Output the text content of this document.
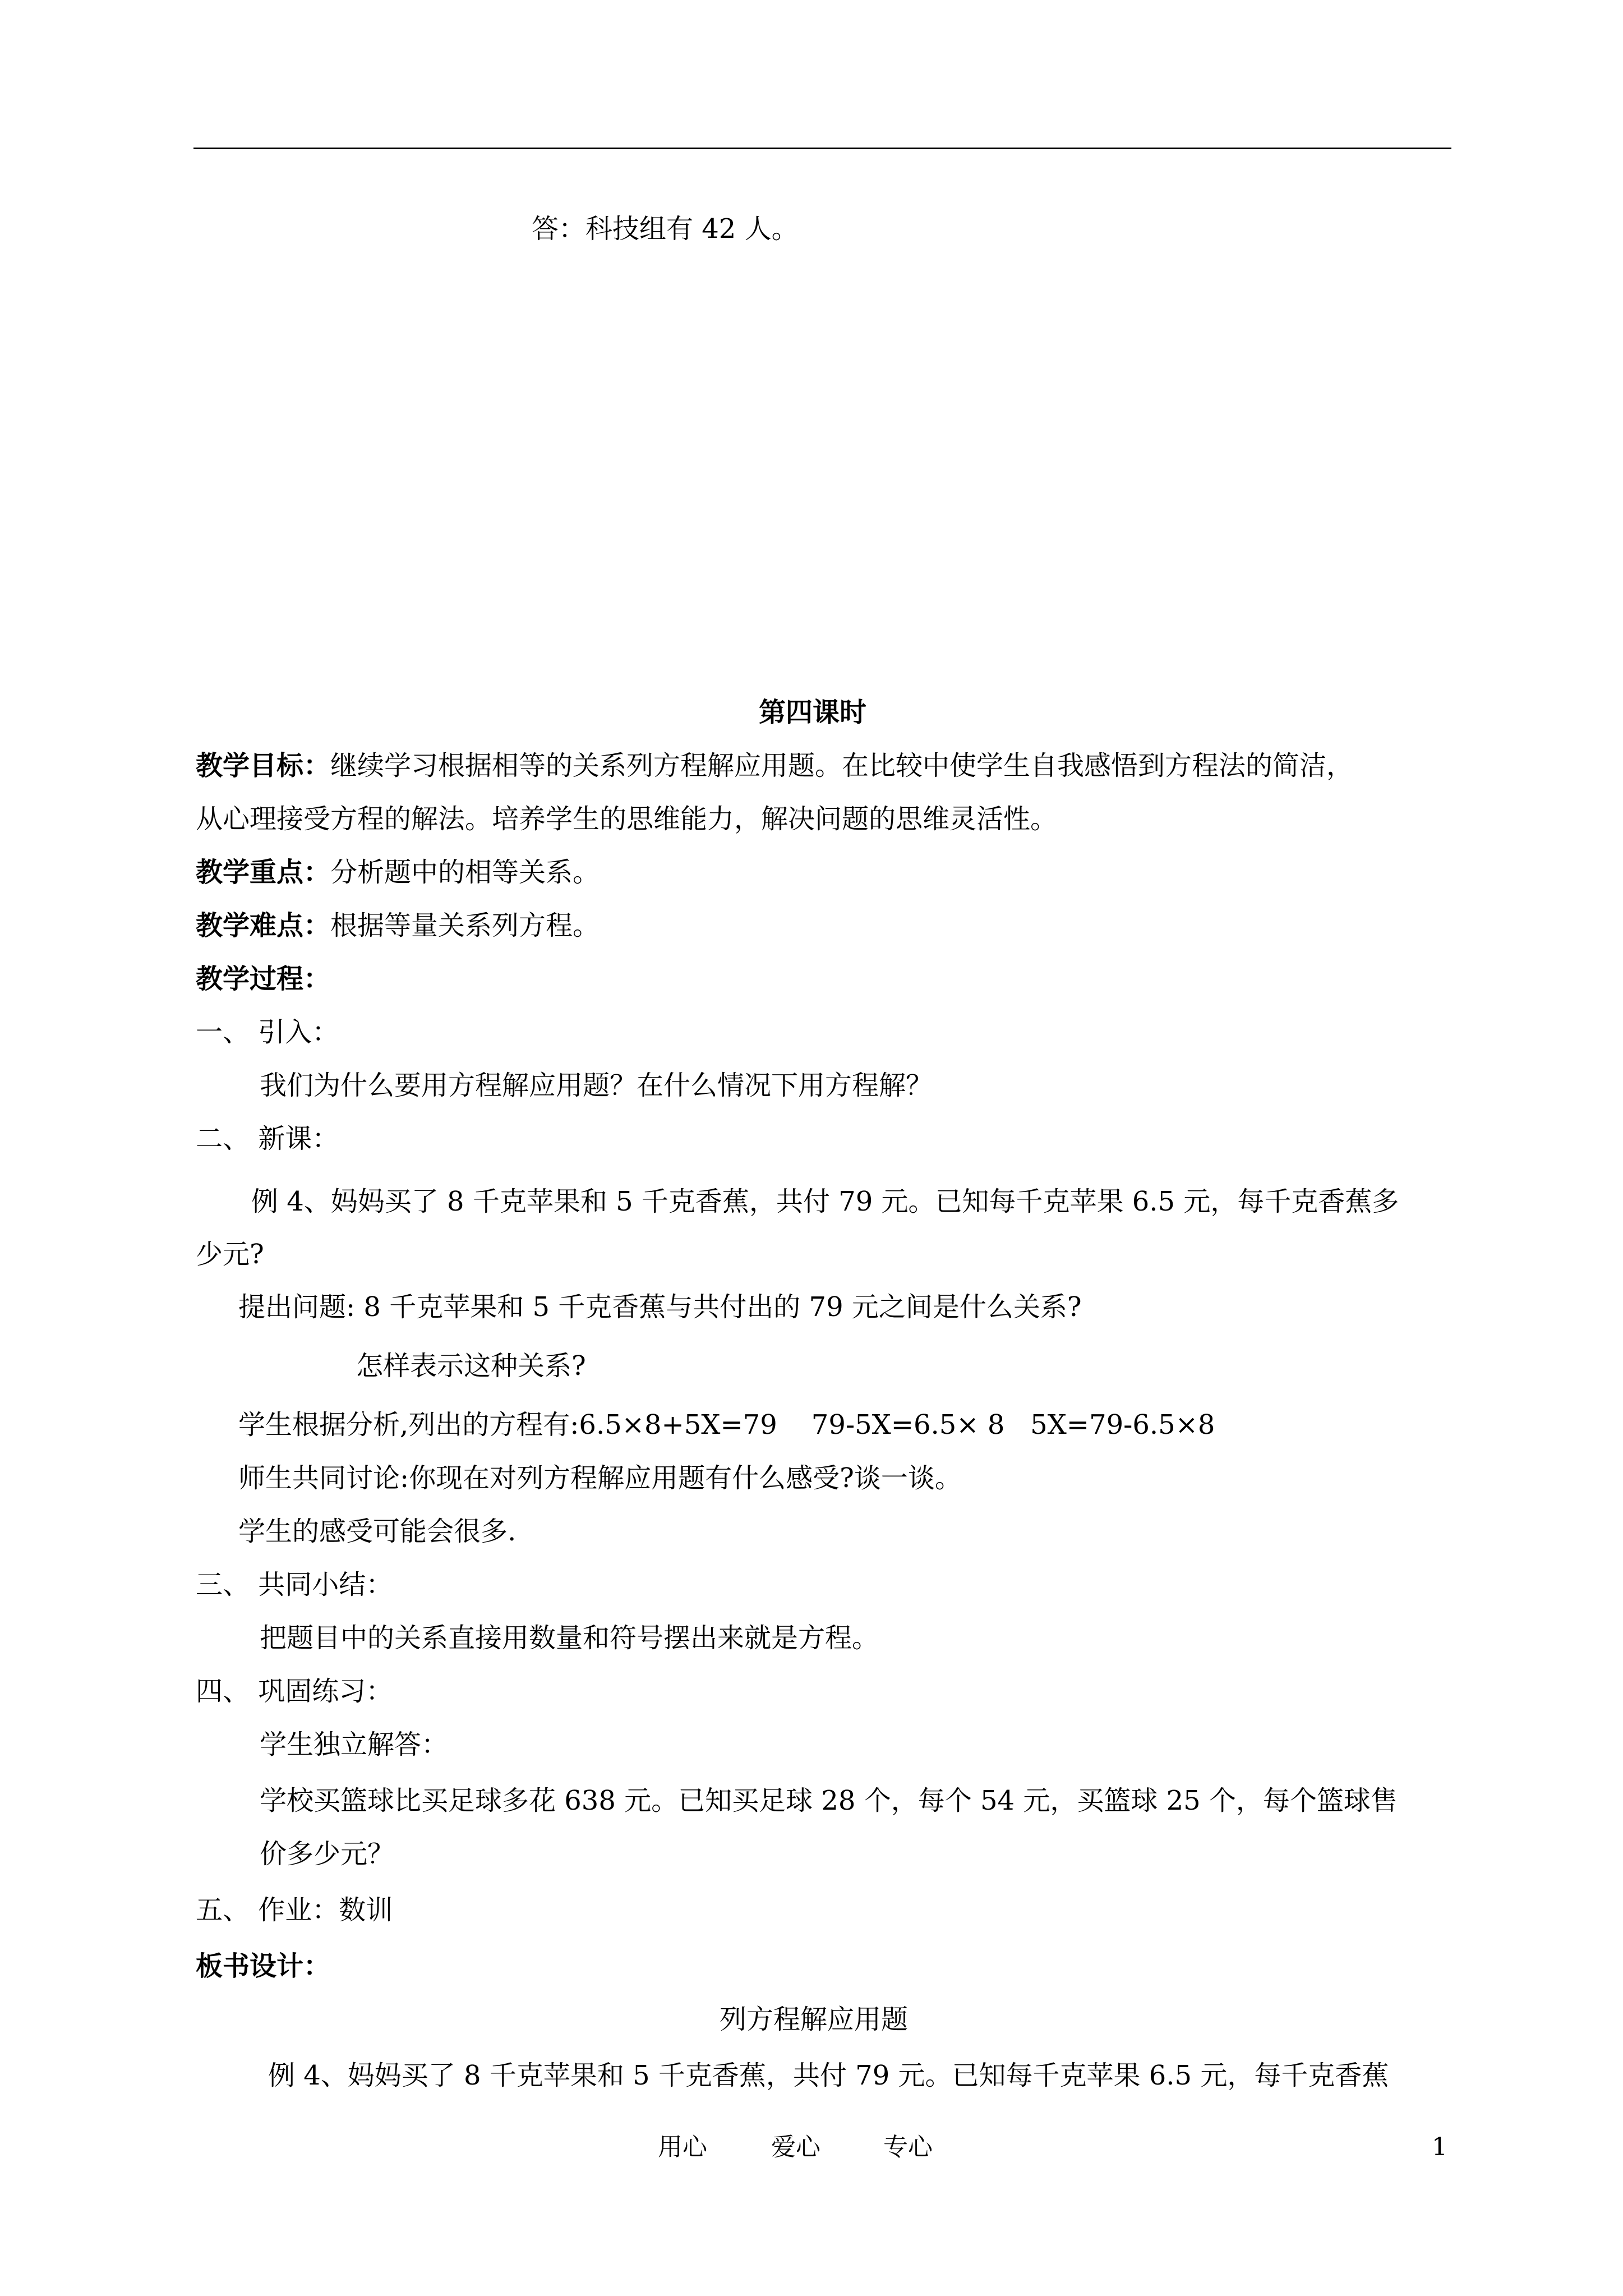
答：科技组有 42 人。
第四课时
教学目标：继续学习根据相等的关系列方程解应用题。在比较中使学生自我感悟到方程法的简洁，
从心理接受方程的解法。培养学生的思维能力，解决问题的思维灵活性。
教学重点：分析题中的相等关系。
教学难点：根据等量关系列方程。
教学过程：
一、 引入：
我们为什么要用方程解应用题？在什么情况下用方程解？
二、 新课：
例 4、妈妈买了 8 千克苹果和 5 千克香蕉，共付 79 元。已知每千克苹果 6.5 元，每千克香蕉多
少元?
提出问题: 8 千克苹果和 5 千克香蕉与共付出的 79 元之间是什么关系?
怎样表示这种关系?
学生根据分析,列出的方程有:6.5×8+5X=79    79-5X=6.5× 8   5X=79-6.5×8
师生共同讨论:你现在对列方程解应用题有什么感受?谈一谈。
学生的感受可能会很多.
三、 共同小结：
把题目中的关系直接用数量和符号摆出来就是方程。
四、 巩固练习：
学生独立解答：
学校买篮球比买足球多花 638 元。已知买足球 28 个，每个 54 元，买篮球 25 个，每个篮球售
价多少元？
五、 作业：数训
板书设计：
列方程解应用题
例 4、妈妈买了 8 千克苹果和 5 千克香蕉，共付 79 元。已知每千克苹果 6.5 元，每千克香蕉
用心	爱心	专心	1
